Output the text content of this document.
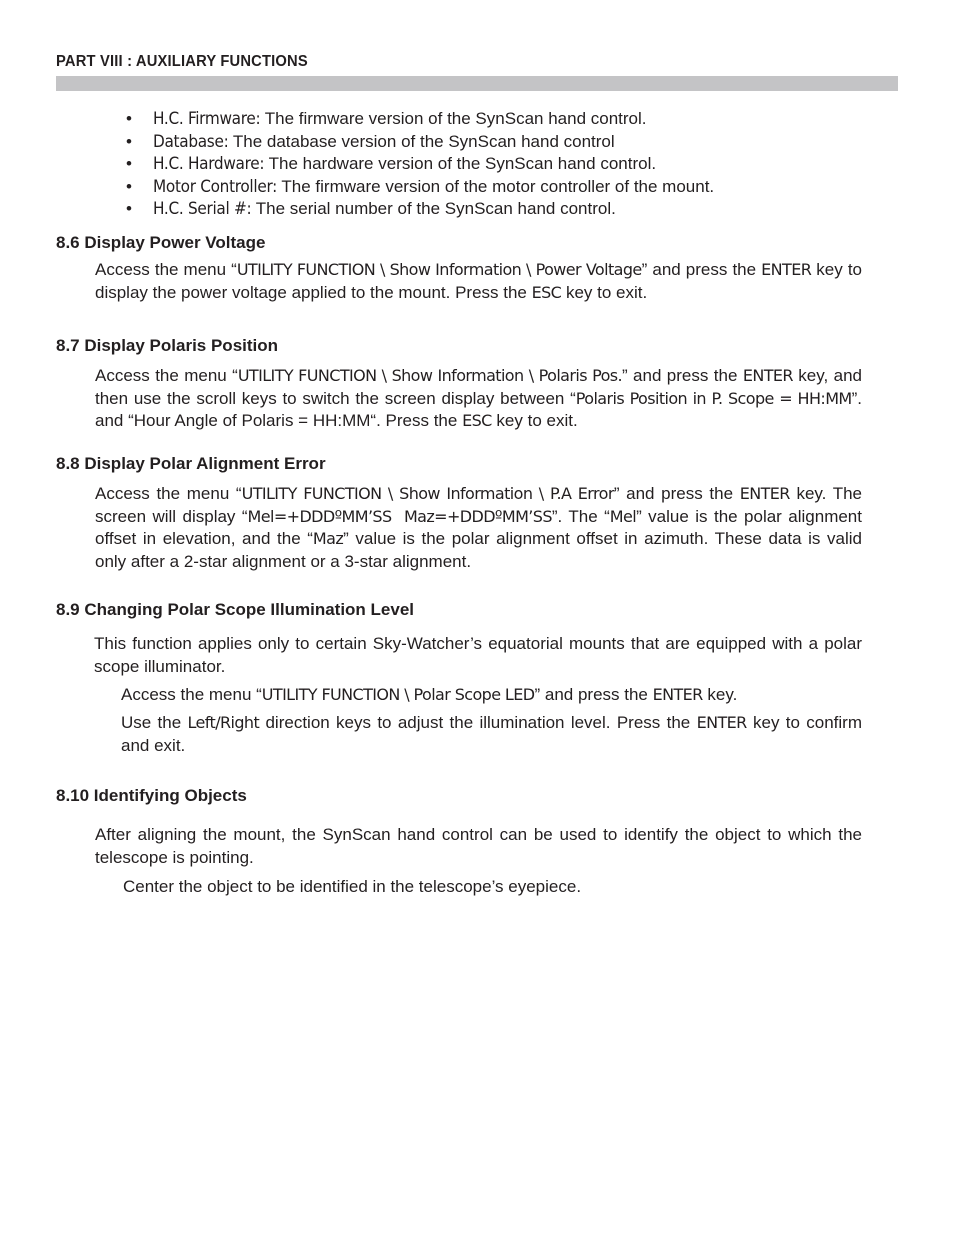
PART VIII : AUXILIARY FUNCTIONS
• H.C. Firmware: The firmware version of the SynScan hand control.
• Database: The database version of the SynScan hand control
• H.C. Hardware: The hardware version of the SynScan hand control.
• Motor Controller: The firmware version of the motor controller of the mount.
• H.C. Serial #: The serial number of the SynScan hand control.
8.6 Display Power Voltage

Access the menu “UTILITY FUNCTION \ Show Information \ Power Voltage” and press the ENTER key to display the power voltage applied to the mount. Press the ESC key to exit.

8.7 Display Polaris Position

Access the menu “UTILITY FUNCTION \ Show Information \ Polaris Pos.” and press the ENTER key, and then use the scroll keys to switch the screen display between “Polaris Position in P. Scope = HH:MM”. and “Hour Angle of Polaris = HH:MM“. Press the ESC key to exit.

8.8 Display Polar Alignment Error

Access the menu “UTILITY FUNCTION \ Show Information \ P.A Error” and press the ENTER key. The screen will display “Mel=+DDDºMM’SS  Maz=+DDDºMM’SS”. The “Mel” value is the polar alignment offset in elevation, and the “Maz” value is the polar alignment offset in azimuth. These data is valid only after a 2-star alignment or a 3-star alignment.

8.9 Changing Polar Scope Illumination Level

This function applies only to certain Sky-Watcher’s equatorial mounts that are equipped with a polar scope illuminator.

Access the menu “UTILITY FUNCTION \ Polar Scope LED” and press the ENTER key.

Use the Left/Right direction keys to adjust the illumination level. Press the ENTER key to confirm and exit.

8.10 Identifying Objects

After aligning the mount, the SynScan hand control can be used to identify the object to which the telescope is pointing.

Center the object to be identified in the telescope’s eyepiece.
